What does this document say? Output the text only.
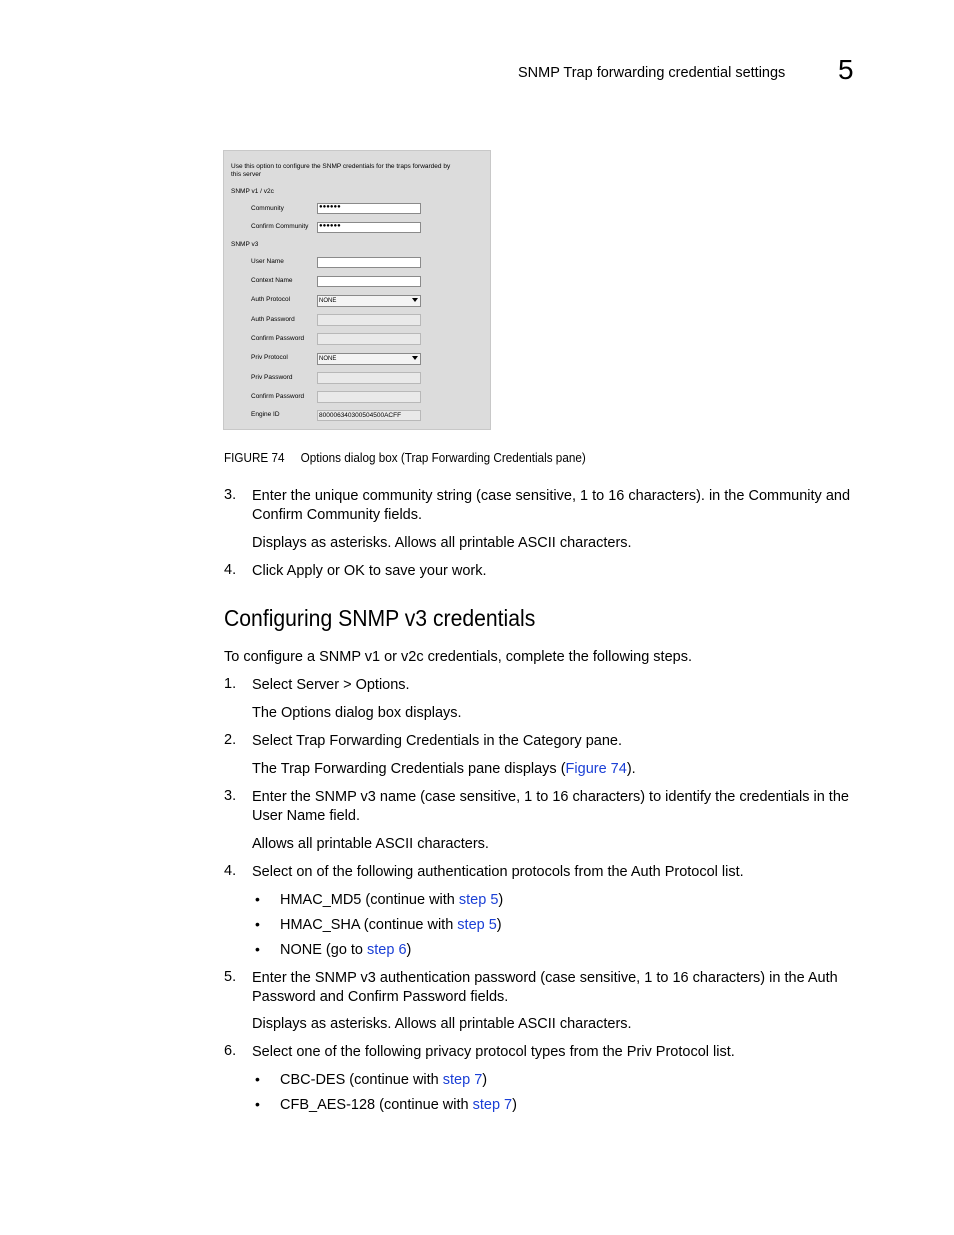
SNMP Trap forwarding credential settings 5
Use this option to configure the SNMP credentials for the traps forwarded by
this server
SNMP v1 / v2c
Community	●●●●●●
Confirm Community	●●●●●●
SNMP v3
User Name
Context Name
Auth Protocol	NONE
Auth Password
Confirm Password
Priv Protocol	NONE
Priv Password
Confirm Password
Engine ID	800006340300504500ACFF
FIGURE 74 Options dialog box (Trap Forwarding Credentials pane)
3. Enter the unique community string (case sensitive, 1 to 16 characters). in the Community and
Confirm Community fields.
Displays as asterisks. Allows all printable ASCII characters.
4. Click Apply or OK to save your work.
Configuring SNMP v3 credentials
To configure a SNMP v1 or v2c credentials, complete the following steps.
1. Select Server > Options.
The Options dialog box displays.
2. Select Trap Forwarding Credentials in the Category pane.
The Trap Forwarding Credentials pane displays (Figure 74).
3. Enter the SNMP v3 name (case sensitive, 1 to 16 characters) to identify the credentials in the
User Name field.
Allows all printable ASCII characters.
4. Select on of the following authentication protocols from the Auth Protocol list.
• HMAC_MD5 (continue with step 5)
• HMAC_SHA (continue with step 5)
• NONE (go to step 6)
5. Enter the SNMP v3 authentication password (case sensitive, 1 to 16 characters) in the Auth
Password and Confirm Password fields.
Displays as asterisks. Allows all printable ASCII characters.
6. Select one of the following privacy protocol types from the Priv Protocol list.
• CBC-DES (continue with step 7)
• CFB_AES-128 (continue with step 7)
